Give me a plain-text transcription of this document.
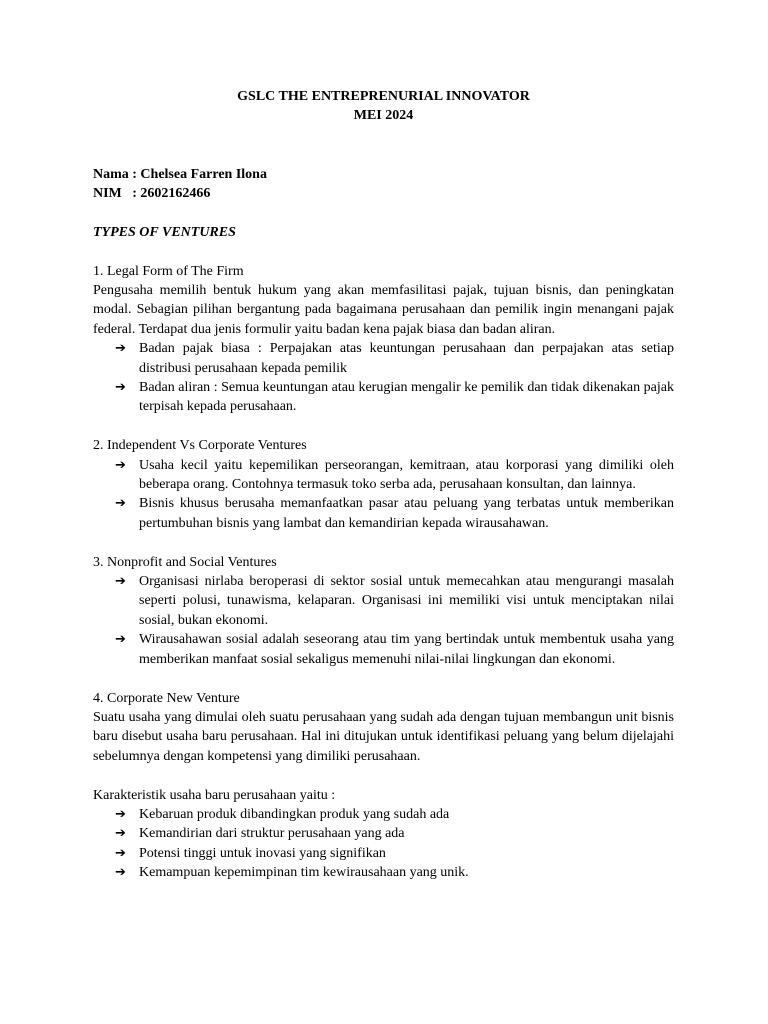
GSLC THE ENTREPRENURIAL INNOVATOR
MEI 2024
Nama : Chelsea Farren Ilona
NIM   : 2602162466
TYPES OF VENTURES
1. Legal Form of The Firm

Pengusaha memilih bentuk hukum yang akan memfasilitasi pajak, tujuan bisnis, dan peningkatan modal. Sebagian pilihan bergantung pada bagaimana perusahaan dan pemilik ingin menangani pajak federal. Terdapat dua jenis formulir yaitu badan kena pajak biasa dan badan aliran.

➔ Badan pajak biasa : Perpajakan atas keuntungan perusahaan dan perpajakan atas setiap distribusi perusahaan kepada pemilik
➔ Badan aliran : Semua keuntungan atau kerugian mengalir ke pemilik dan tidak dikenakan pajak terpisah kepada perusahaan.
2. Independent Vs Corporate Ventures
➔ Usaha kecil yaitu kepemilikan perseorangan, kemitraan, atau korporasi yang dimiliki oleh beberapa orang. Contohnya termasuk toko serba ada, perusahaan konsultan, dan lainnya.
➔ Bisnis khusus berusaha memanfaatkan pasar atau peluang yang terbatas untuk memberikan pertumbuhan bisnis yang lambat dan kemandirian kepada wirausahawan.
3. Nonprofit and Social Ventures
➔ Organisasi nirlaba beroperasi di sektor sosial untuk memecahkan atau mengurangi masalah seperti polusi, tunawisma, kelaparan. Organisasi ini memiliki visi untuk menciptakan nilai sosial, bukan ekonomi.
➔ Wirausahawan sosial adalah seseorang atau tim yang bertindak untuk membentuk usaha yang memberikan manfaat sosial sekaligus memenuhi nilai-nilai lingkungan dan ekonomi.
4. Corporate New Venture

Suatu usaha yang dimulai oleh suatu perusahaan yang sudah ada dengan tujuan membangun unit bisnis baru disebut usaha baru perusahaan. Hal ini ditujukan untuk identifikasi peluang yang belum dijelajahi sebelumnya dengan kompetensi yang dimiliki perusahaan.

Karakteristik usaha baru perusahaan yaitu :
➔ Kebaruan produk dibandingkan produk yang sudah ada
➔ Kemandirian dari struktur perusahaan yang ada
➔ Potensi tinggi untuk inovasi yang signifikan
➔ Kemampuan kepemimpinan tim kewirausahaan yang unik.
